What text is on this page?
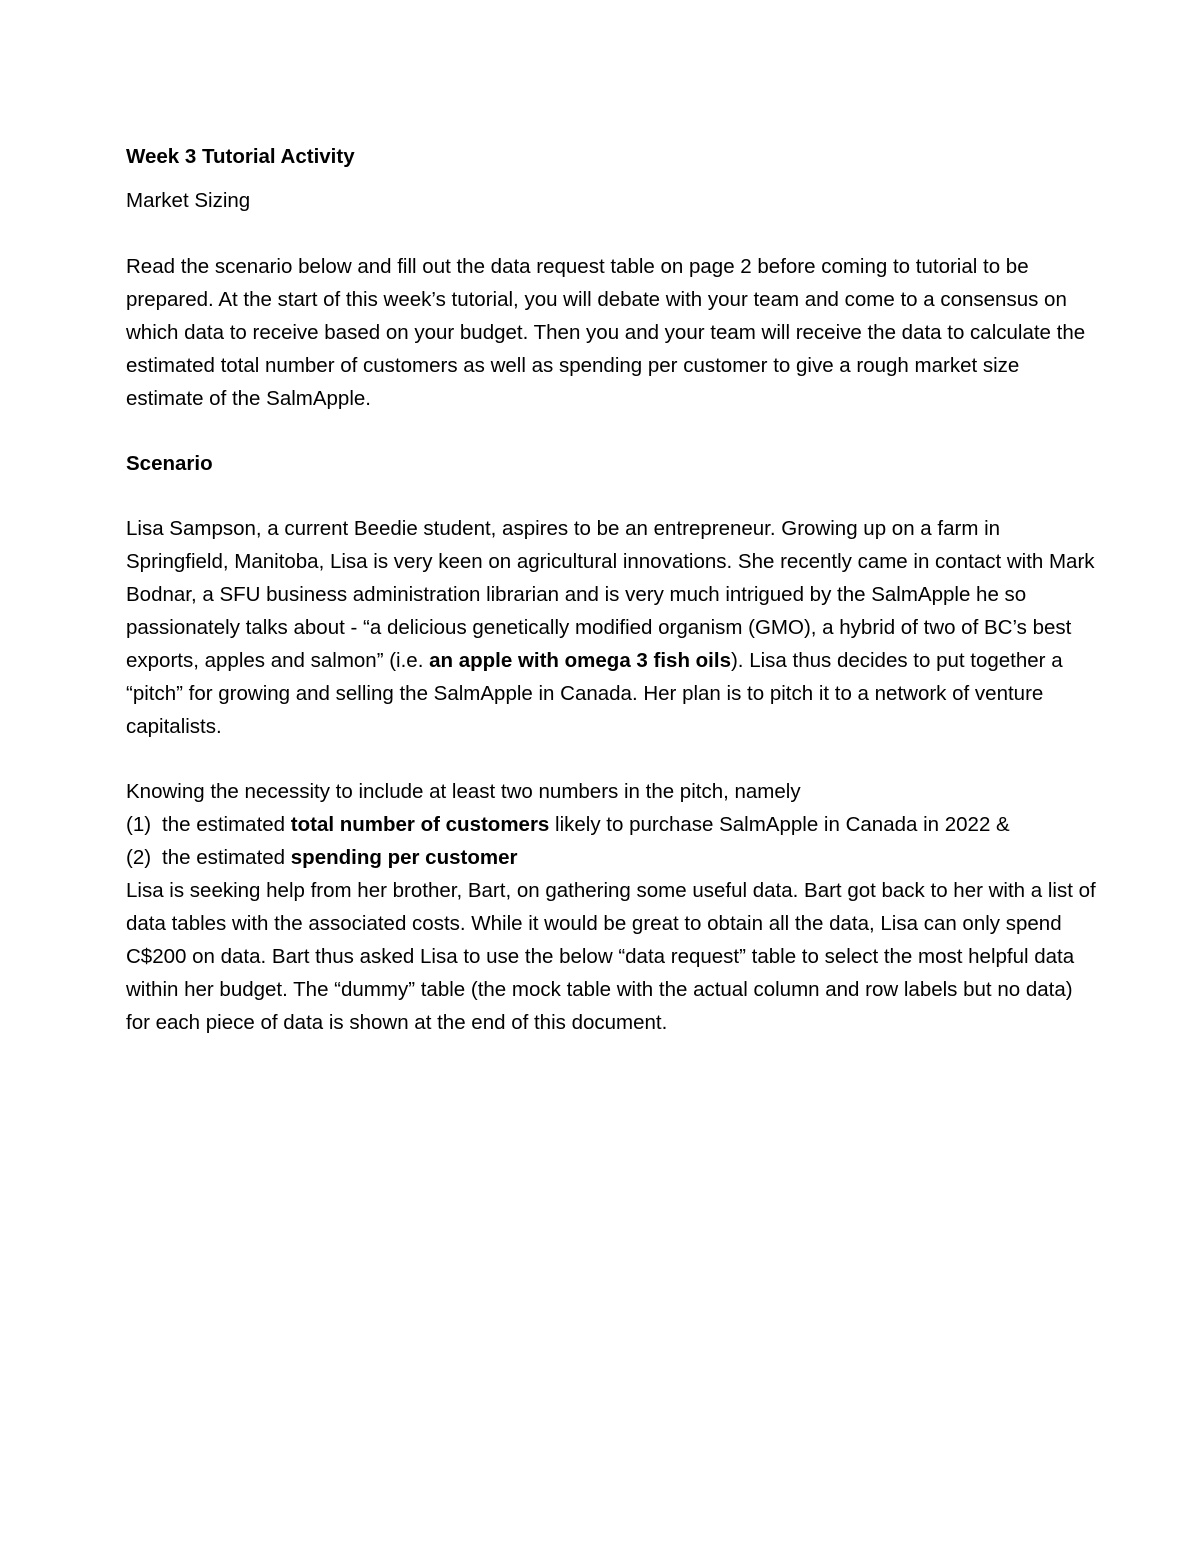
Week 3 Tutorial Activity

Market Sizing

Read the scenario below and fill out the data request table on page 2 before coming to tutorial to be prepared. At the start of this week’s tutorial, you will debate with your team and come to a consensus on which data to receive based on your budget. Then you and your team will receive the data to calculate the estimated total number of customers as well as spending per customer to give a rough market size estimate of the SalmApple.

Scenario

Lisa Sampson, a current Beedie student, aspires to be an entrepreneur. Growing up on a farm in Springfield, Manitoba, Lisa is very keen on agricultural innovations. She recently came in contact with Mark Bodnar, a SFU business administration librarian and is very much intrigued by the SalmApple he so passionately talks about - “a delicious genetically modified organism (GMO), a hybrid of two of BC’s best exports, apples and salmon” (i.e. an apple with omega 3 fish oils). Lisa thus decides to put together a “pitch” for growing and selling the SalmApple in Canada. Her plan is to pitch it to a network of venture capitalists.

Knowing the necessity to include at least two numbers in the pitch, namely

(1) the estimated total number of customers likely to purchase SalmApple in Canada in 2022 &

(2) the estimated spending per customer

Lisa is seeking help from her brother, Bart, on gathering some useful data. Bart got back to her with a list of data tables with the associated costs. While it would be great to obtain all the data, Lisa can only spend C$200 on data. Bart thus asked Lisa to use the below “data request” table to select the most helpful data within her budget. The “dummy” table (the mock table with the actual column and row labels but no data) for each piece of data is shown at the end of this document.
